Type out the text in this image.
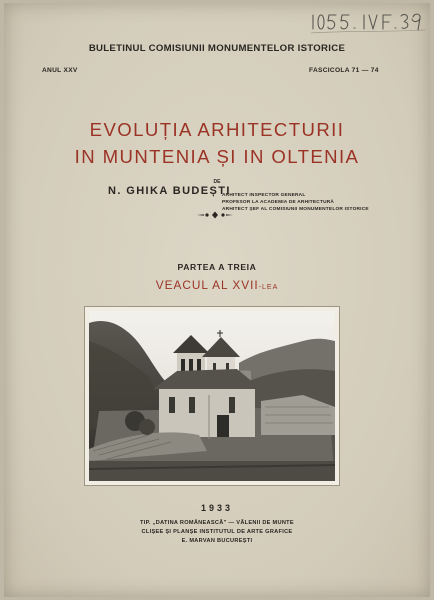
BULETINUL COMISIUNII MONUMENTELOR ISTORICE
ANUL XXV	FASCICOLA 71 — 74
EVOLUȚIA ARHITECTURII
IN MUNTENIA ȘI IN OLTENIA
DE
N. GHIKA BUDEȘTI
ARHITECT INSPECTOR GENERAL
PROFESOR LA ACADEMIA DE ARHITECTURĂ
ARHITECT ȘEF AL COMISIUNII MONUMENTELOR ISTORICE
PARTEA A TREIA
VEACUL AL XVII-LEA
1933
TIP. „DATINA ROMÂNEASCĂ” — VĂLENII DE MUNTE
CLIȘEE ȘI PLANȘE INSTITUTUL DE ARTE GRAFICE
E. MARVAN BUCUREȘTI
